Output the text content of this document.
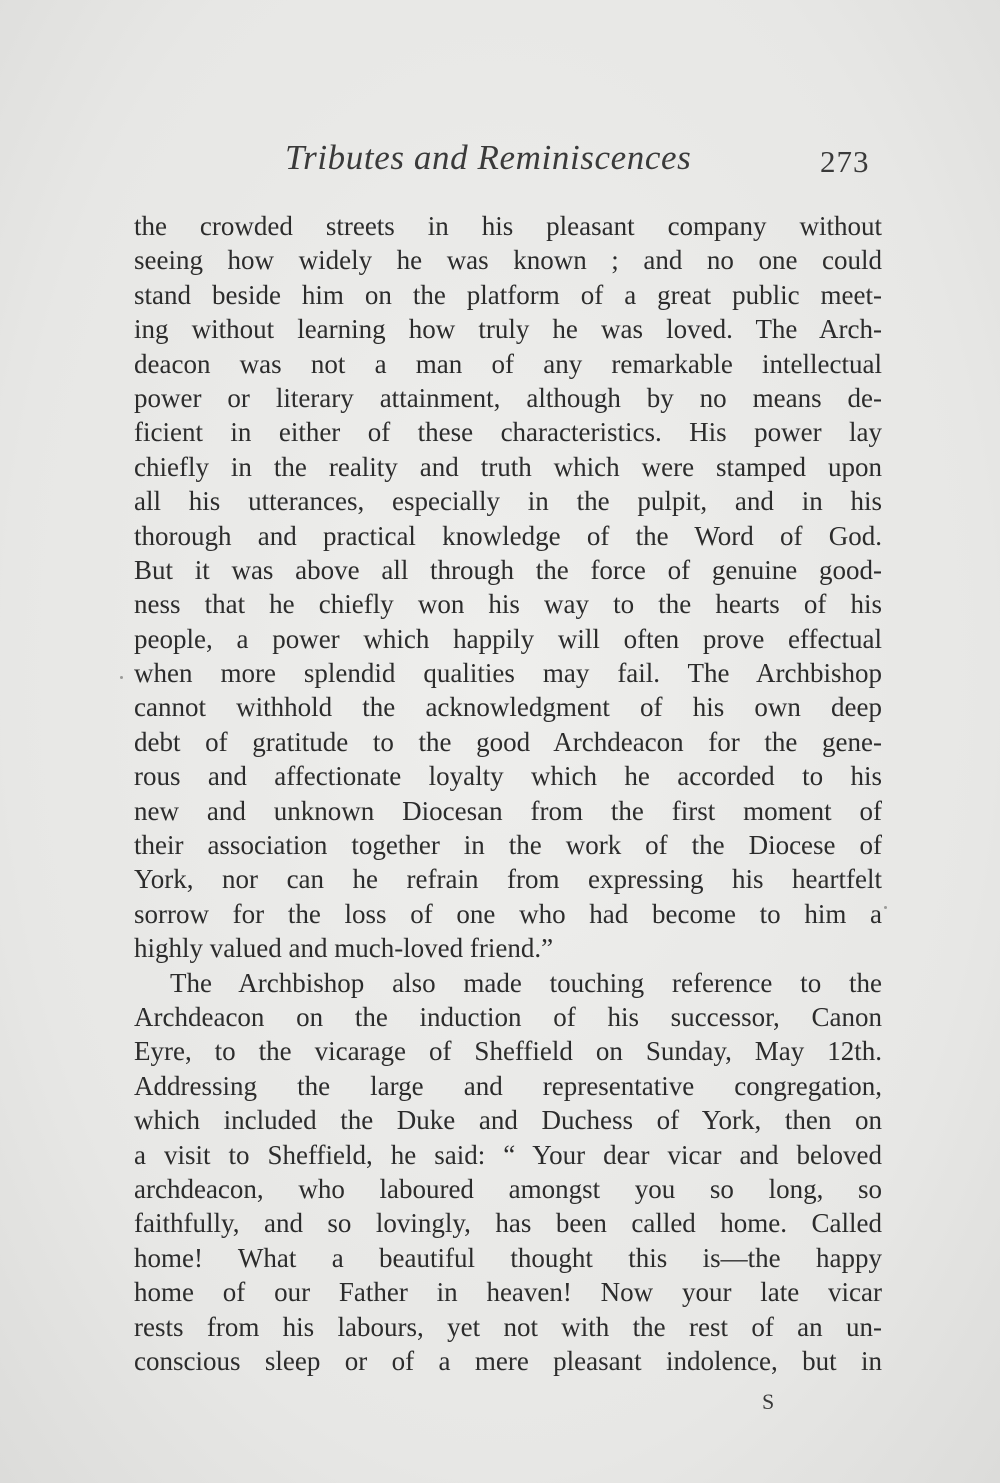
Tributes and Reminiscences	273
the crowded streets in his pleasant company without
seeing how widely he was known ; and no one could
stand beside him on the platform of a great public meet-
ing without learning how truly he was loved. The Arch-
deacon was not a man of any remarkable intellectual
power or literary attainment, although by no means de-
ficient in either of these characteristics. His power lay
chiefly in the reality and truth which were stamped upon
all his utterances, especially in the pulpit, and in his
thorough and practical knowledge of the Word of God.
But it was above all through the force of genuine good-
ness that he chiefly won his way to the hearts of his
people, a power which happily will often prove effectual
when more splendid qualities may fail. The Archbishop
cannot withhold the acknowledgment of his own deep
debt of gratitude to the good Archdeacon for the gene-
rous and affectionate loyalty which he accorded to his
new and unknown Diocesan from the first moment of
their association together in the work of the Diocese of
York, nor can he refrain from expressing his heartfelt
sorrow for the loss of one who had become to him a
highly valued and much-loved friend.”
The Archbishop also made touching reference to the
Archdeacon on the induction of his successor, Canon
Eyre, to the vicarage of Sheffield on Sunday, May 12th.
Addressing the large and representative congregation,
which included the Duke and Duchess of York, then on
a visit to Sheffield, he said: “ Your dear vicar and beloved
archdeacon, who laboured amongst you so long, so
faithfully, and so lovingly, has been called home. Called
home! What a beautiful thought this is—the happy
home of our Father in heaven! Now your late vicar
rests from his labours, yet not with the rest of an un-
conscious sleep or of a mere pleasant indolence, but in
S
